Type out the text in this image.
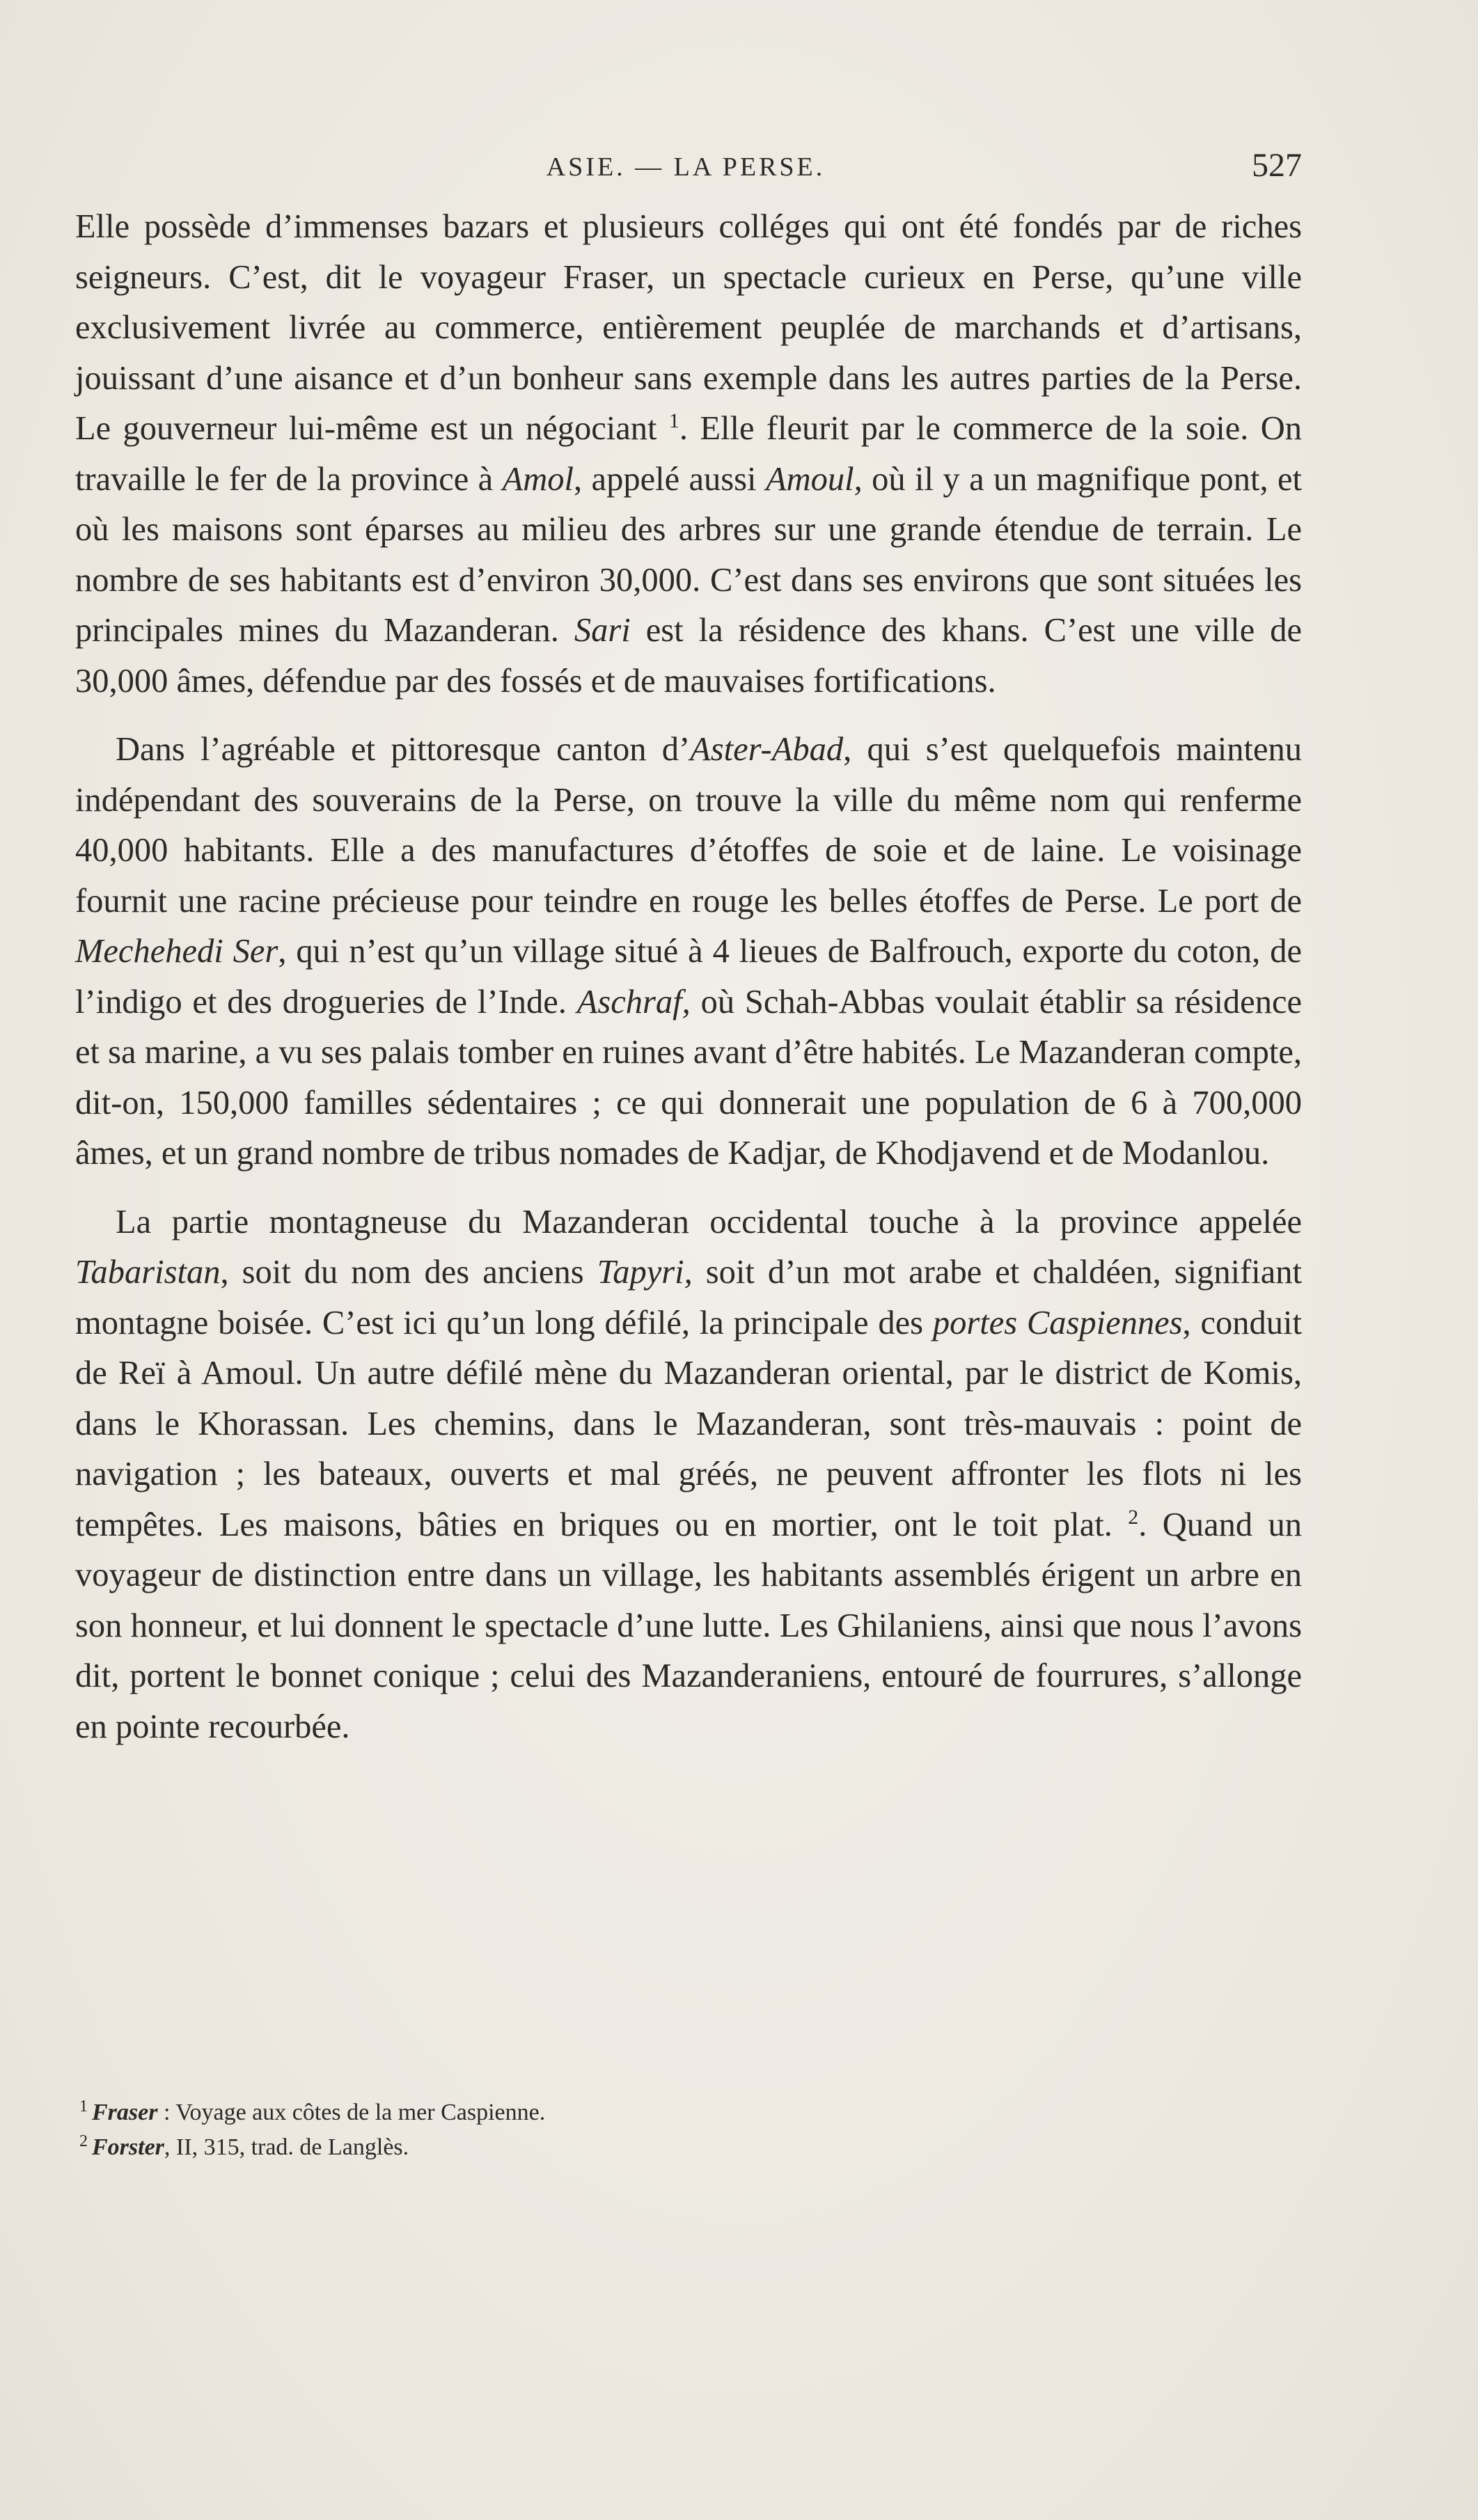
ASIE. — LA PERSE.	527

Elle possède d’immenses bazars et plusieurs colléges qui ont été fondés par de riches seigneurs. C’est, dit le voyageur Fraser, un spectacle curieux en Perse, qu’une ville exclusivement livrée au commerce, entièrement peuplée de marchands et d’artisans, jouissant d’une aisance et d’un bonheur sans exemple dans les autres parties de la Perse. Le gouverneur lui-même est un négociant $^1$. Elle fleurit par le commerce de la soie. On travaille le fer de la province à Amol, appelé aussi Amoul, où il y a un magnifique pont, et où les maisons sont éparses au milieu des arbres sur une grande étendue de terrain. Le nombre de ses habitants est d’environ 30,000. C’est dans ses environs que sont situées les principales mines du Mazanderan. Sari est la résidence des khans. C’est une ville de 30,000 âmes, défendue par des fossés et de mauvaises fortifications.

Dans l’agréable et pittoresque canton d’Aster-Abad, qui s’est quelquefois maintenu indépendant des souverains de la Perse, on trouve la ville du même nom qui renferme 40,000 habitants. Elle a des manufactures d’étoffes de soie et de laine. Le voisinage fournit une racine précieuse pour teindre en rouge les belles étoffes de Perse. Le port de Mechehedi Ser, qui n’est qu’un village situé à 4 lieues de Balfrouch, exporte du coton, de l’indigo et des drogueries de l’Inde. Aschraf, où Schah-Abbas voulait établir sa résidence et sa marine, a vu ses palais tomber en ruines avant d’être habités. Le Mazanderan compte, dit-on, 150,000 familles sédentaires ; ce qui donnerait une population de 6 à 700,000 âmes, et un grand nombre de tribus nomades de Kadjar, de Khodjavend et de Modanlou.

La partie montagneuse du Mazanderan occidental touche à la province appelée Tabaristan, soit du nom des anciens Tapyri, soit d’un mot arabe et chaldéen, signifiant montagne boisée. C’est ici qu’un long défilé, la principale des portes Caspiennes, conduit de Reï à Amoul. Un autre défilé mène du Mazanderan oriental, par le district de Komis, dans le Khorassan. Les chemins, dans le Mazanderan, sont très-mauvais : point de navigation ; les bateaux, ouverts et mal gréés, ne peuvent affronter les flots ni les tempêtes. Les maisons, bâties en briques ou en mortier, ont le toit plat. $^2$. Quand un voyageur de distinction entre dans un village, les habitants assemblés érigent un arbre en son honneur, et lui donnent le spectacle d’une lutte. Les Ghilaniens, ainsi que nous l’avons dit, portent le bonnet conique ; celui des Mazanderaniens, entouré de fourrures, s’allonge en pointe recourbée.

$^1$ Fraser : Voyage aux côtes de la mer Caspienne.

$^2$ Forster, II, 315, trad. de Langlès.
